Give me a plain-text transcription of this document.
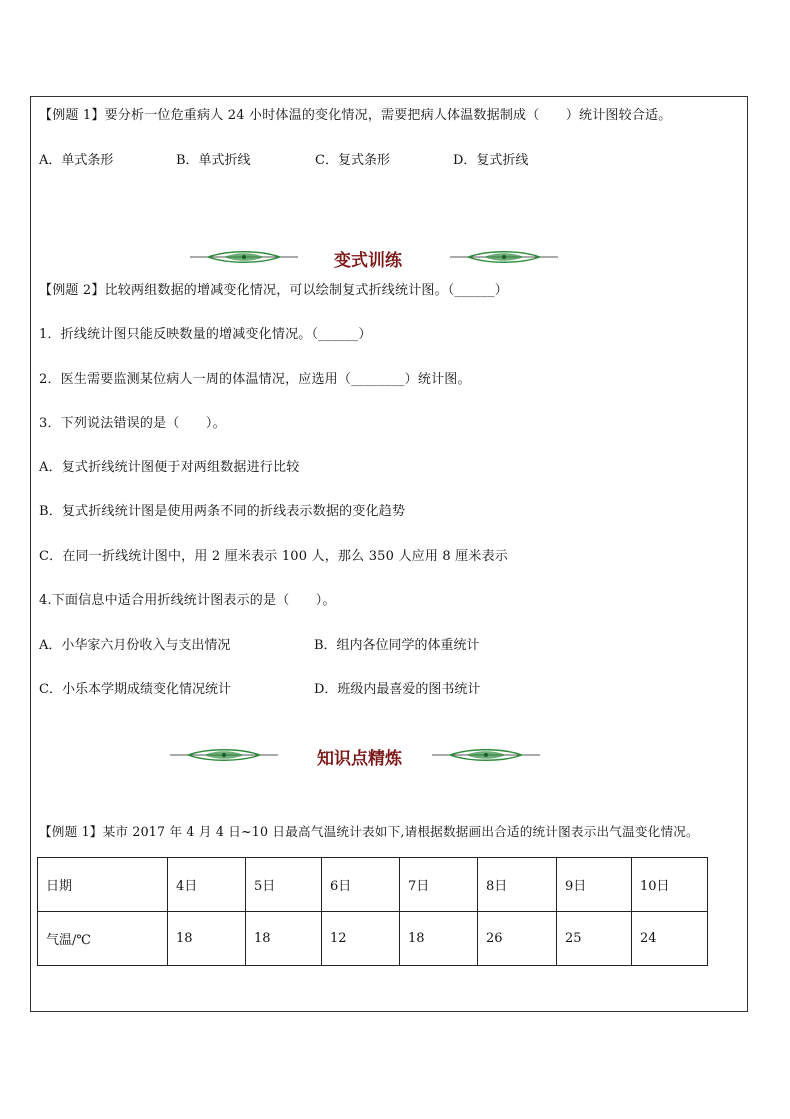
【例题 1】要分析一位危重病人 24 小时体温的变化情况，需要把病人体温数据制成（　　）统计图较合适。
A．单式条形	B．单式折线	C．复式条形	D．复式折线
变式训练
【例题 2】比较两组数据的增减变化情况，可以绘制复式折线统计图。（______）
1．折线统计图只能反映数量的增减变化情况。（______）
2．医生需要监测某位病人一周的体温情况，应选用（________）统计图。
3．下列说法错误的是（　　）。
A．复式折线统计图便于对两组数据进行比较
B．复式折线统计图是使用两条不同的折线表示数据的变化趋势
C．在同一折线统计图中，用 2 厘米表示 100 人，那么 350 人应用 8 厘米表示
4.下面信息中适合用折线统计图表示的是（　　）。
A．小华家六月份收入与支出情况	B．组内各位同学的体重统计
C．小乐本学期成绩变化情况统计	D．班级内最喜爱的图书统计
知识点精炼
【例题 1】某市 2017 年 4 月 4 日~10 日最高气温统计表如下,请根据数据画出合适的统计图表示出气温变化情况。
日期	4日	5日	6日	7日	8日	9日	10日
气温/℃	18	18	12	18	26	25	24
